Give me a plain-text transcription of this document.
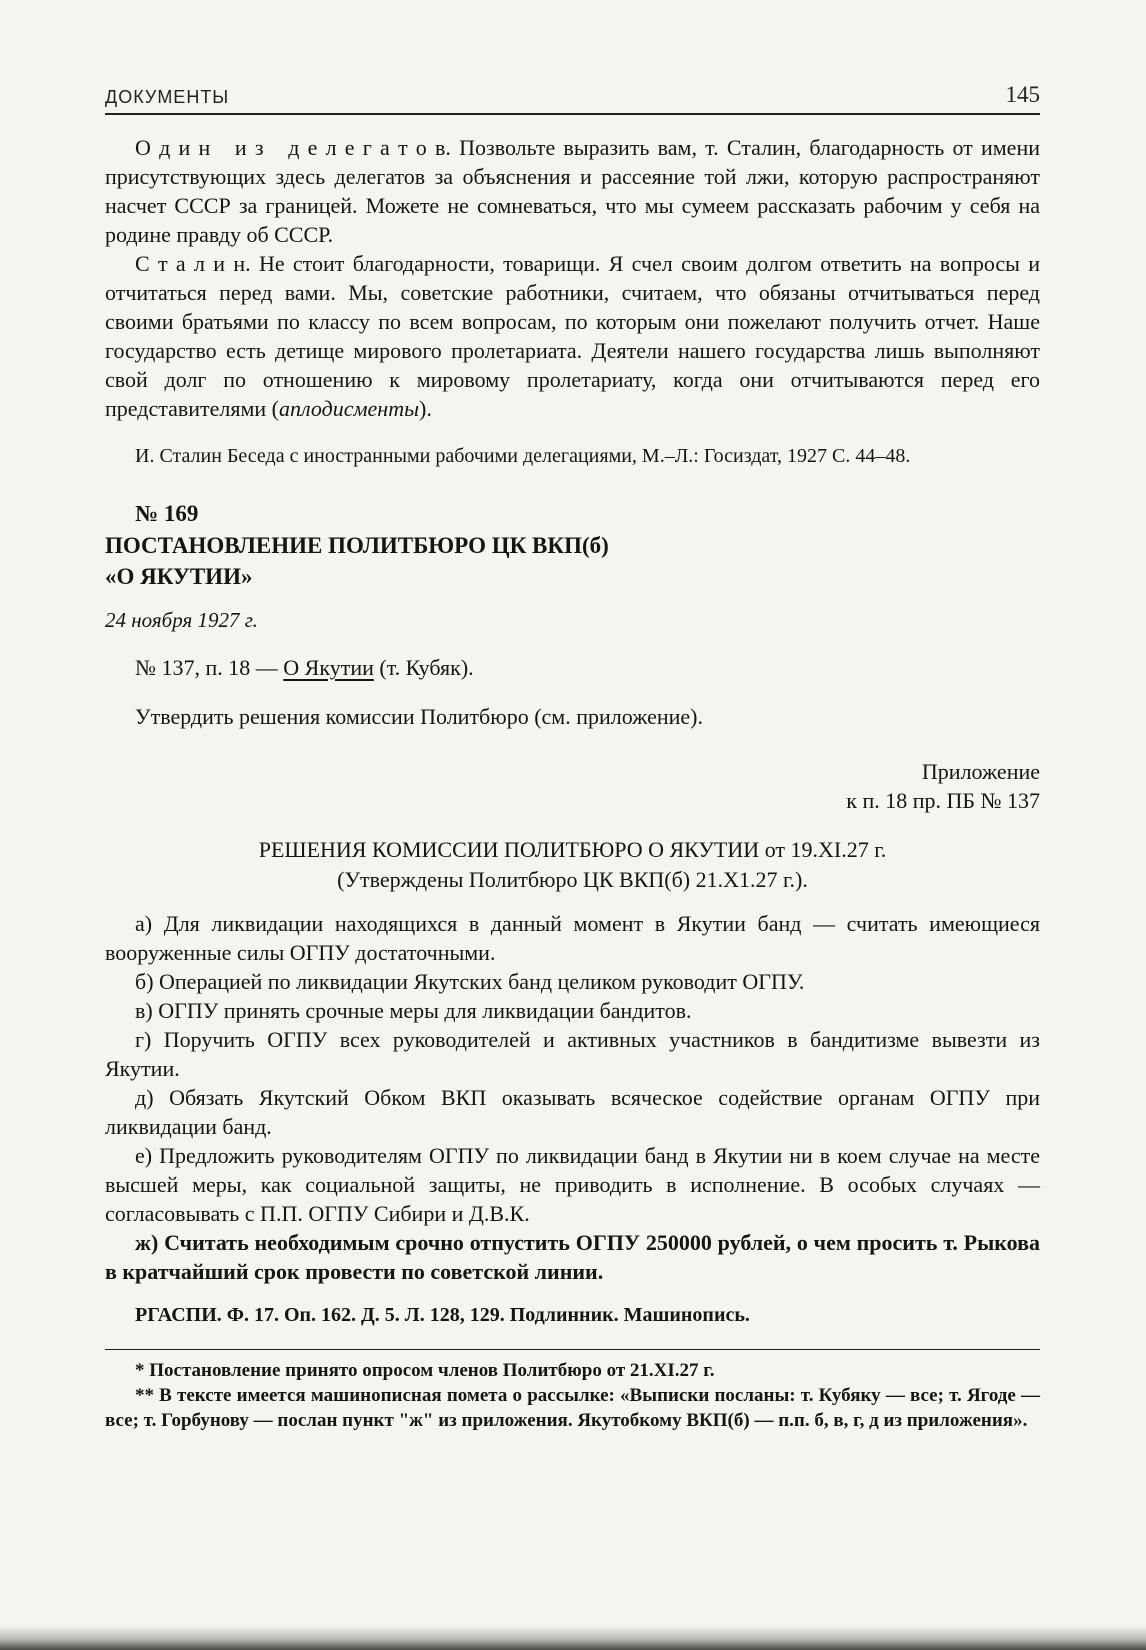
ДОКУМЕНТЫ	145

О д и н   и з   д е л е г а т о в. Позвольте выразить вам, т. Сталин, благодарность от имени присутствующих здесь делегатов за объяснения и рассеяние той лжи, которую распространяют насчет СССР за границей. Можете не сомневаться, что мы сумеем рассказать рабочим у себя на родине правду об СССР.

С т а л и н. Не стоит благодарности, товарищи. Я счел своим долгом ответить на вопросы и отчитаться перед вами. Мы, советские работники, считаем, что обязаны отчитываться перед своими братьями по классу по всем вопросам, по которым они пожелают получить отчет. Наше государство есть детище мирового пролетариата. Деятели нашего государства лишь выполняют свой долг по отношению к мировому пролетариату, когда они отчитываются перед его представителями (аплодисменты).

И. Сталин Беседа с иностранными рабочими делегациями, М.–Л.: Госиздат, 1927 С. 44–48.

№ 169
ПОСТАНОВЛЕНИЕ ПОЛИТБЮРО ЦК ВКП(б)
«О ЯКУТИИ»
24 ноября 1927 г.

№ 137, п. 18 — О Якутии (т. Кубяк).

Утвердить решения комиссии Политбюро (см. приложение).

Приложение
к п. 18 пр. ПБ № 137
РЕШЕНИЯ КОМИССИИ ПОЛИТБЮРО О ЯКУТИИ от 19.XI.27 г.
(Утверждены Политбюро ЦК ВКП(б) 21.X1.27 г.).

а) Для ликвидации находящихся в данный момент в Якутии банд — считать имеющиеся вооруженные силы ОГПУ достаточными.

б) Операцией по ликвидации Якутских банд целиком руководит ОГПУ.

в) ОГПУ принять срочные меры для ликвидации бандитов.

г) Поручить ОГПУ всех руководителей и активных участников в бандитизме вывезти из Якутии.

д) Обязать Якутский Обком ВКП оказывать всяческое содействие органам ОГПУ при ликвидации банд.

е) Предложить руководителям ОГПУ по ликвидации банд в Якутии ни в коем случае на месте высшей меры, как социальной защиты, не приводить в исполнение. В особых случаях — согласовывать с П.П. ОГПУ Сибири и Д.В.К.

ж) Считать необходимым срочно отпустить ОГПУ 250000 рублей, о чем просить т. Рыкова в кратчайший срок провести по советской линии.

РГАСПИ. Ф. 17. Оп. 162. Д. 5. Л. 128, 129. Подлинник. Машинопись.

* Постановление принято опросом членов Политбюро от 21.XI.27 г.

** В тексте имеется машинописная помета о рассылке: «Выписки посланы: т. Кубяку — все; т. Ягоде — все; т. Горбунову — послан пункт "ж" из приложения. Якутобкому ВКП(б) — п.п. б, в, г, д из приложения».
